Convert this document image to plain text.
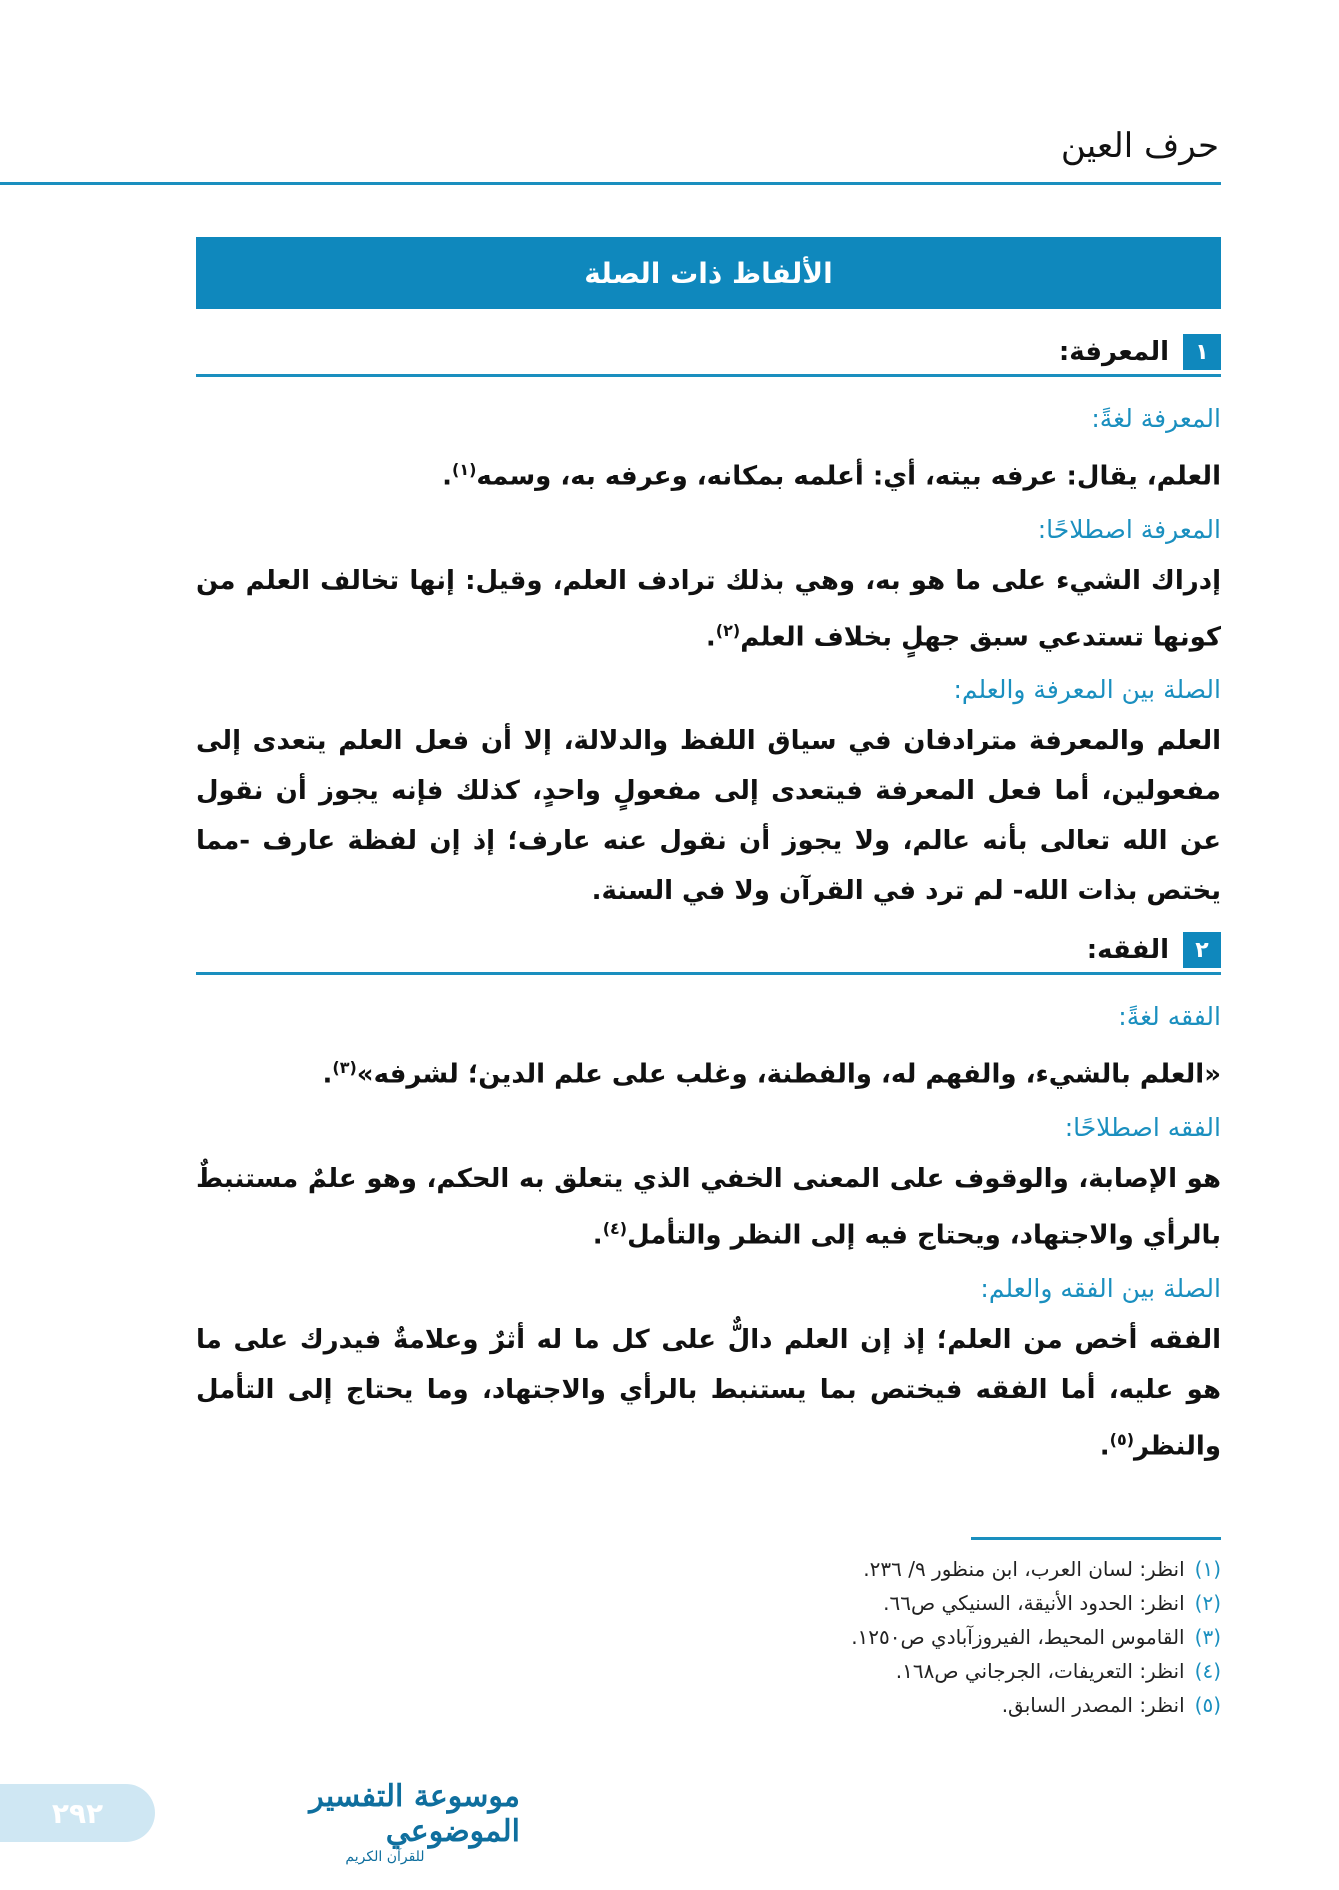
حرف العين
الألفاظ ذات الصلة
١
المعرفة:
المعرفة لغةً:

العلم، يقال: عرفه بيته، أي: أعلمه بمكانه، وعرفه به، وسمه$^{(١)}$.

المعرفة اصطلاحًا:

إدراك الشيء على ما هو به، وهي بذلك ترادف العلم، وقيل: إنها تخالف العلم من كونها تستدعي سبق جهلٍ بخلاف العلم$^{(٢)}$.

الصلة بين المعرفة والعلم:

العلم والمعرفة مترادفان في سياق اللفظ والدلالة، إلا أن فعل العلم يتعدى إلى مفعولين، أما فعل المعرفة فيتعدى إلى مفعولٍ واحدٍ، كذلك فإنه يجوز أن نقول عن الله تعالى بأنه عالم، ولا يجوز أن نقول عنه عارف؛ إذ إن لفظة عارف -مما يختص بذات الله- لم ترد في القرآن ولا في السنة.

٢
الفقه:
الفقه لغةً:

«العلم بالشيء، والفهم له، والفطنة، وغلب على علم الدين؛ لشرفه»$^{(٣)}$.

الفقه اصطلاحًا:

هو الإصابة، والوقوف على المعنى الخفي الذي يتعلق به الحكم، وهو علمٌ مستنبطٌ بالرأي والاجتهاد، ويحتاج فيه إلى النظر والتأمل$^{(٤)}$.

الصلة بين الفقه والعلم:

الفقه أخص من العلم؛ إذ إن العلم دالٌّ على كل ما له أثرٌ وعلامةٌ فيدرك على ما هو عليه، أما الفقه فيختص بما يستنبط بالرأي والاجتهاد، وما يحتاج إلى التأمل والنظر$^{(٥)}$.

(١)
انظر: لسان العرب، ابن منظور ٩/ ٢٣٦.
(٢)
انظر: الحدود الأنيقة، السنيكي ص٦٦.
(٣)
القاموس المحيط، الفيروزآبادي ص١٢٥٠.
(٤)
انظر: التعريفات، الجرجاني ص١٦٨.
(٥)
انظر: المصدر السابق.
موسوعة التفسير الموضوعي
للقرآن الكريم
٢٩٢
